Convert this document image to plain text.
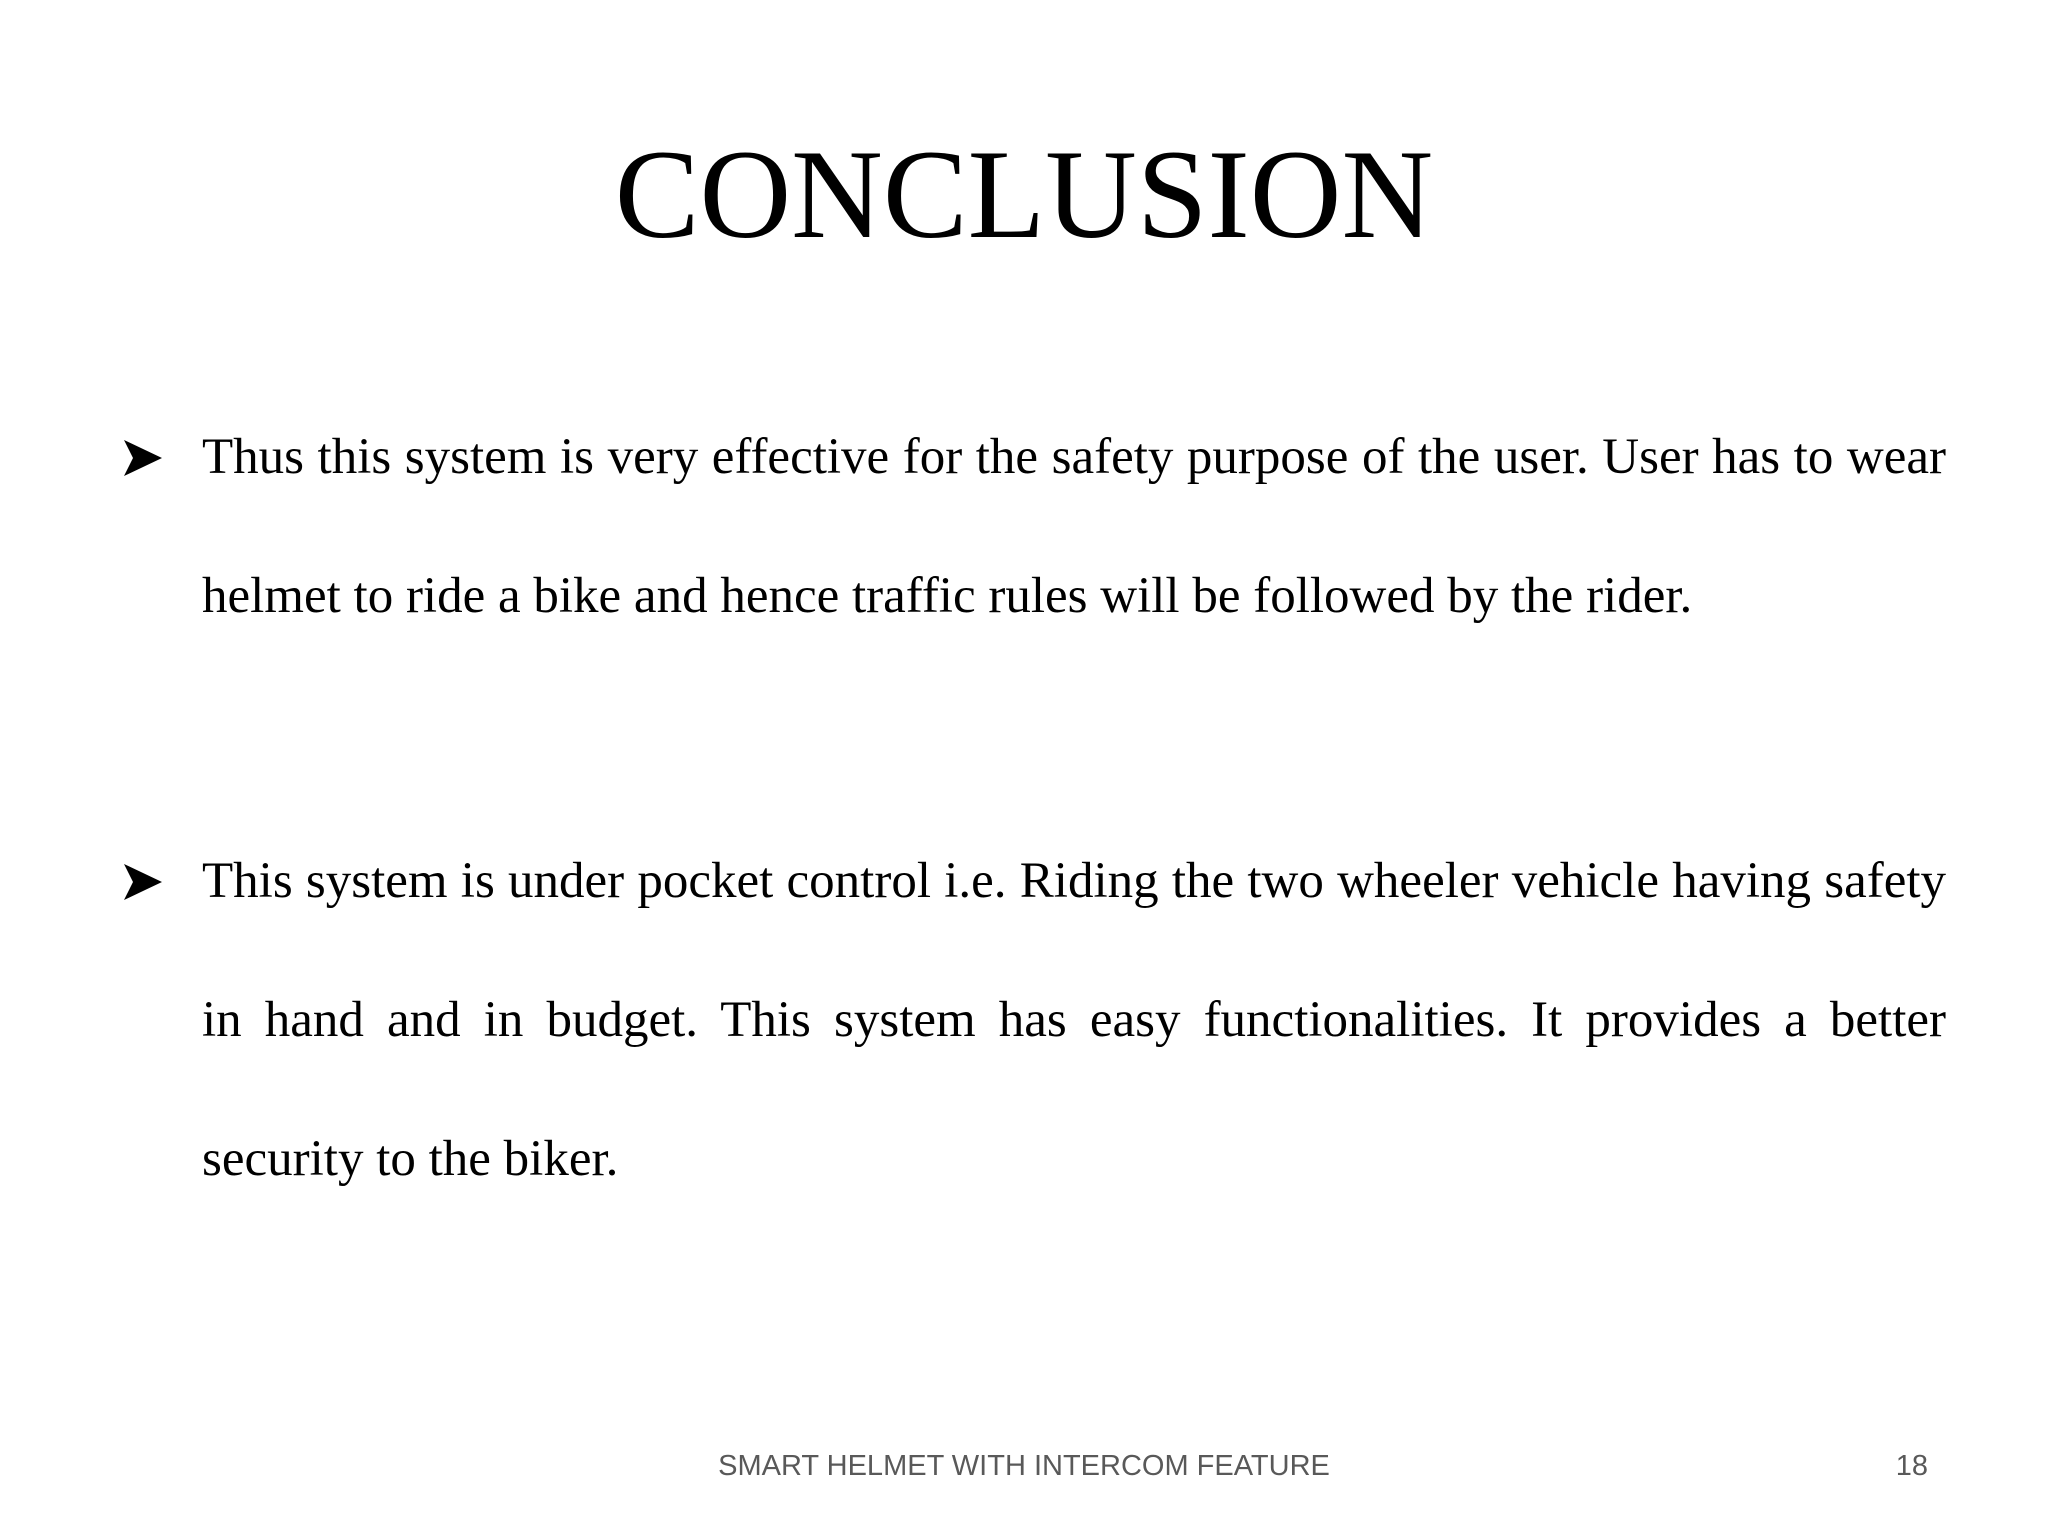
CONCLUSION

Thus this system is very effective for the safety purpose of the user. User has to wear helmet to ride a bike and hence traffic rules will be followed by the rider.

This system is under pocket control i.e. Riding the two wheeler vehicle having safety in hand and in budget. This system has easy functionalities. It provides a better security to the biker.

SMART HELMET WITH INTERCOM FEATURE	18
